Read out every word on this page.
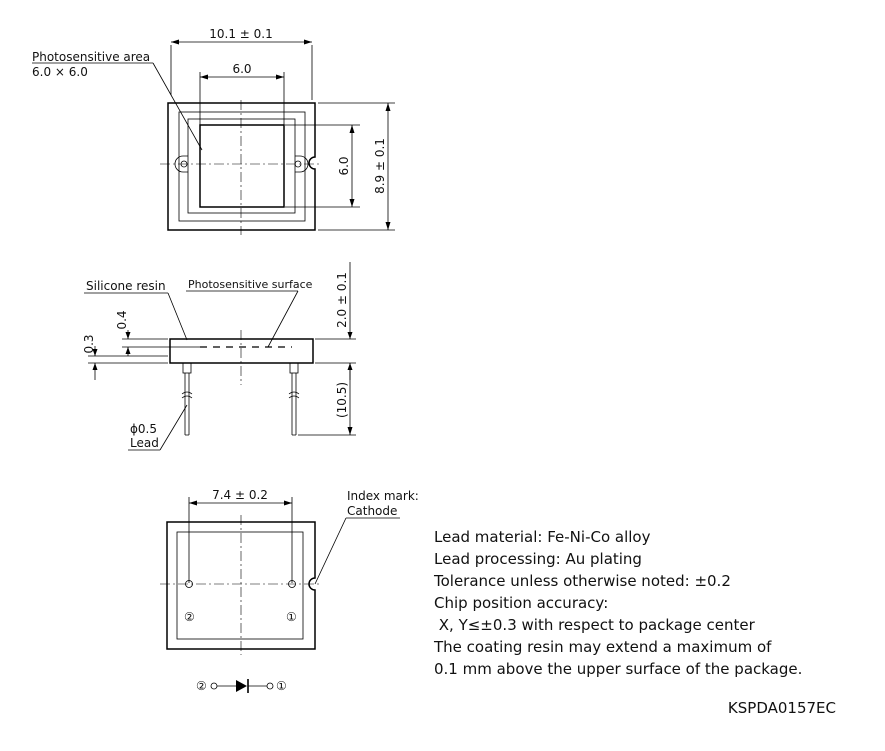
10.1 ± 0.1
6.0
Photosensitive area
6.0 × 6.0
6.0 8.9 ± 0.1
Silicone resin Photosensitive surface
0.4
0.3
2.0 ± 0.1
(10.5)
ϕ0.5
Lead
7.4 ± 0.2
②	①
Index mark:
Cathode
②	①
Lead material: Fe-Ni-Co alloy
Lead processing: Au plating
Tolerance unless otherwise noted: ±0.2
Chip position accuracy:
X, Y≤±0.3 with respect to package center
The coating resin may extend a maximum of
0.1 mm above the upper surface of the package.
KSPDA0157EC
